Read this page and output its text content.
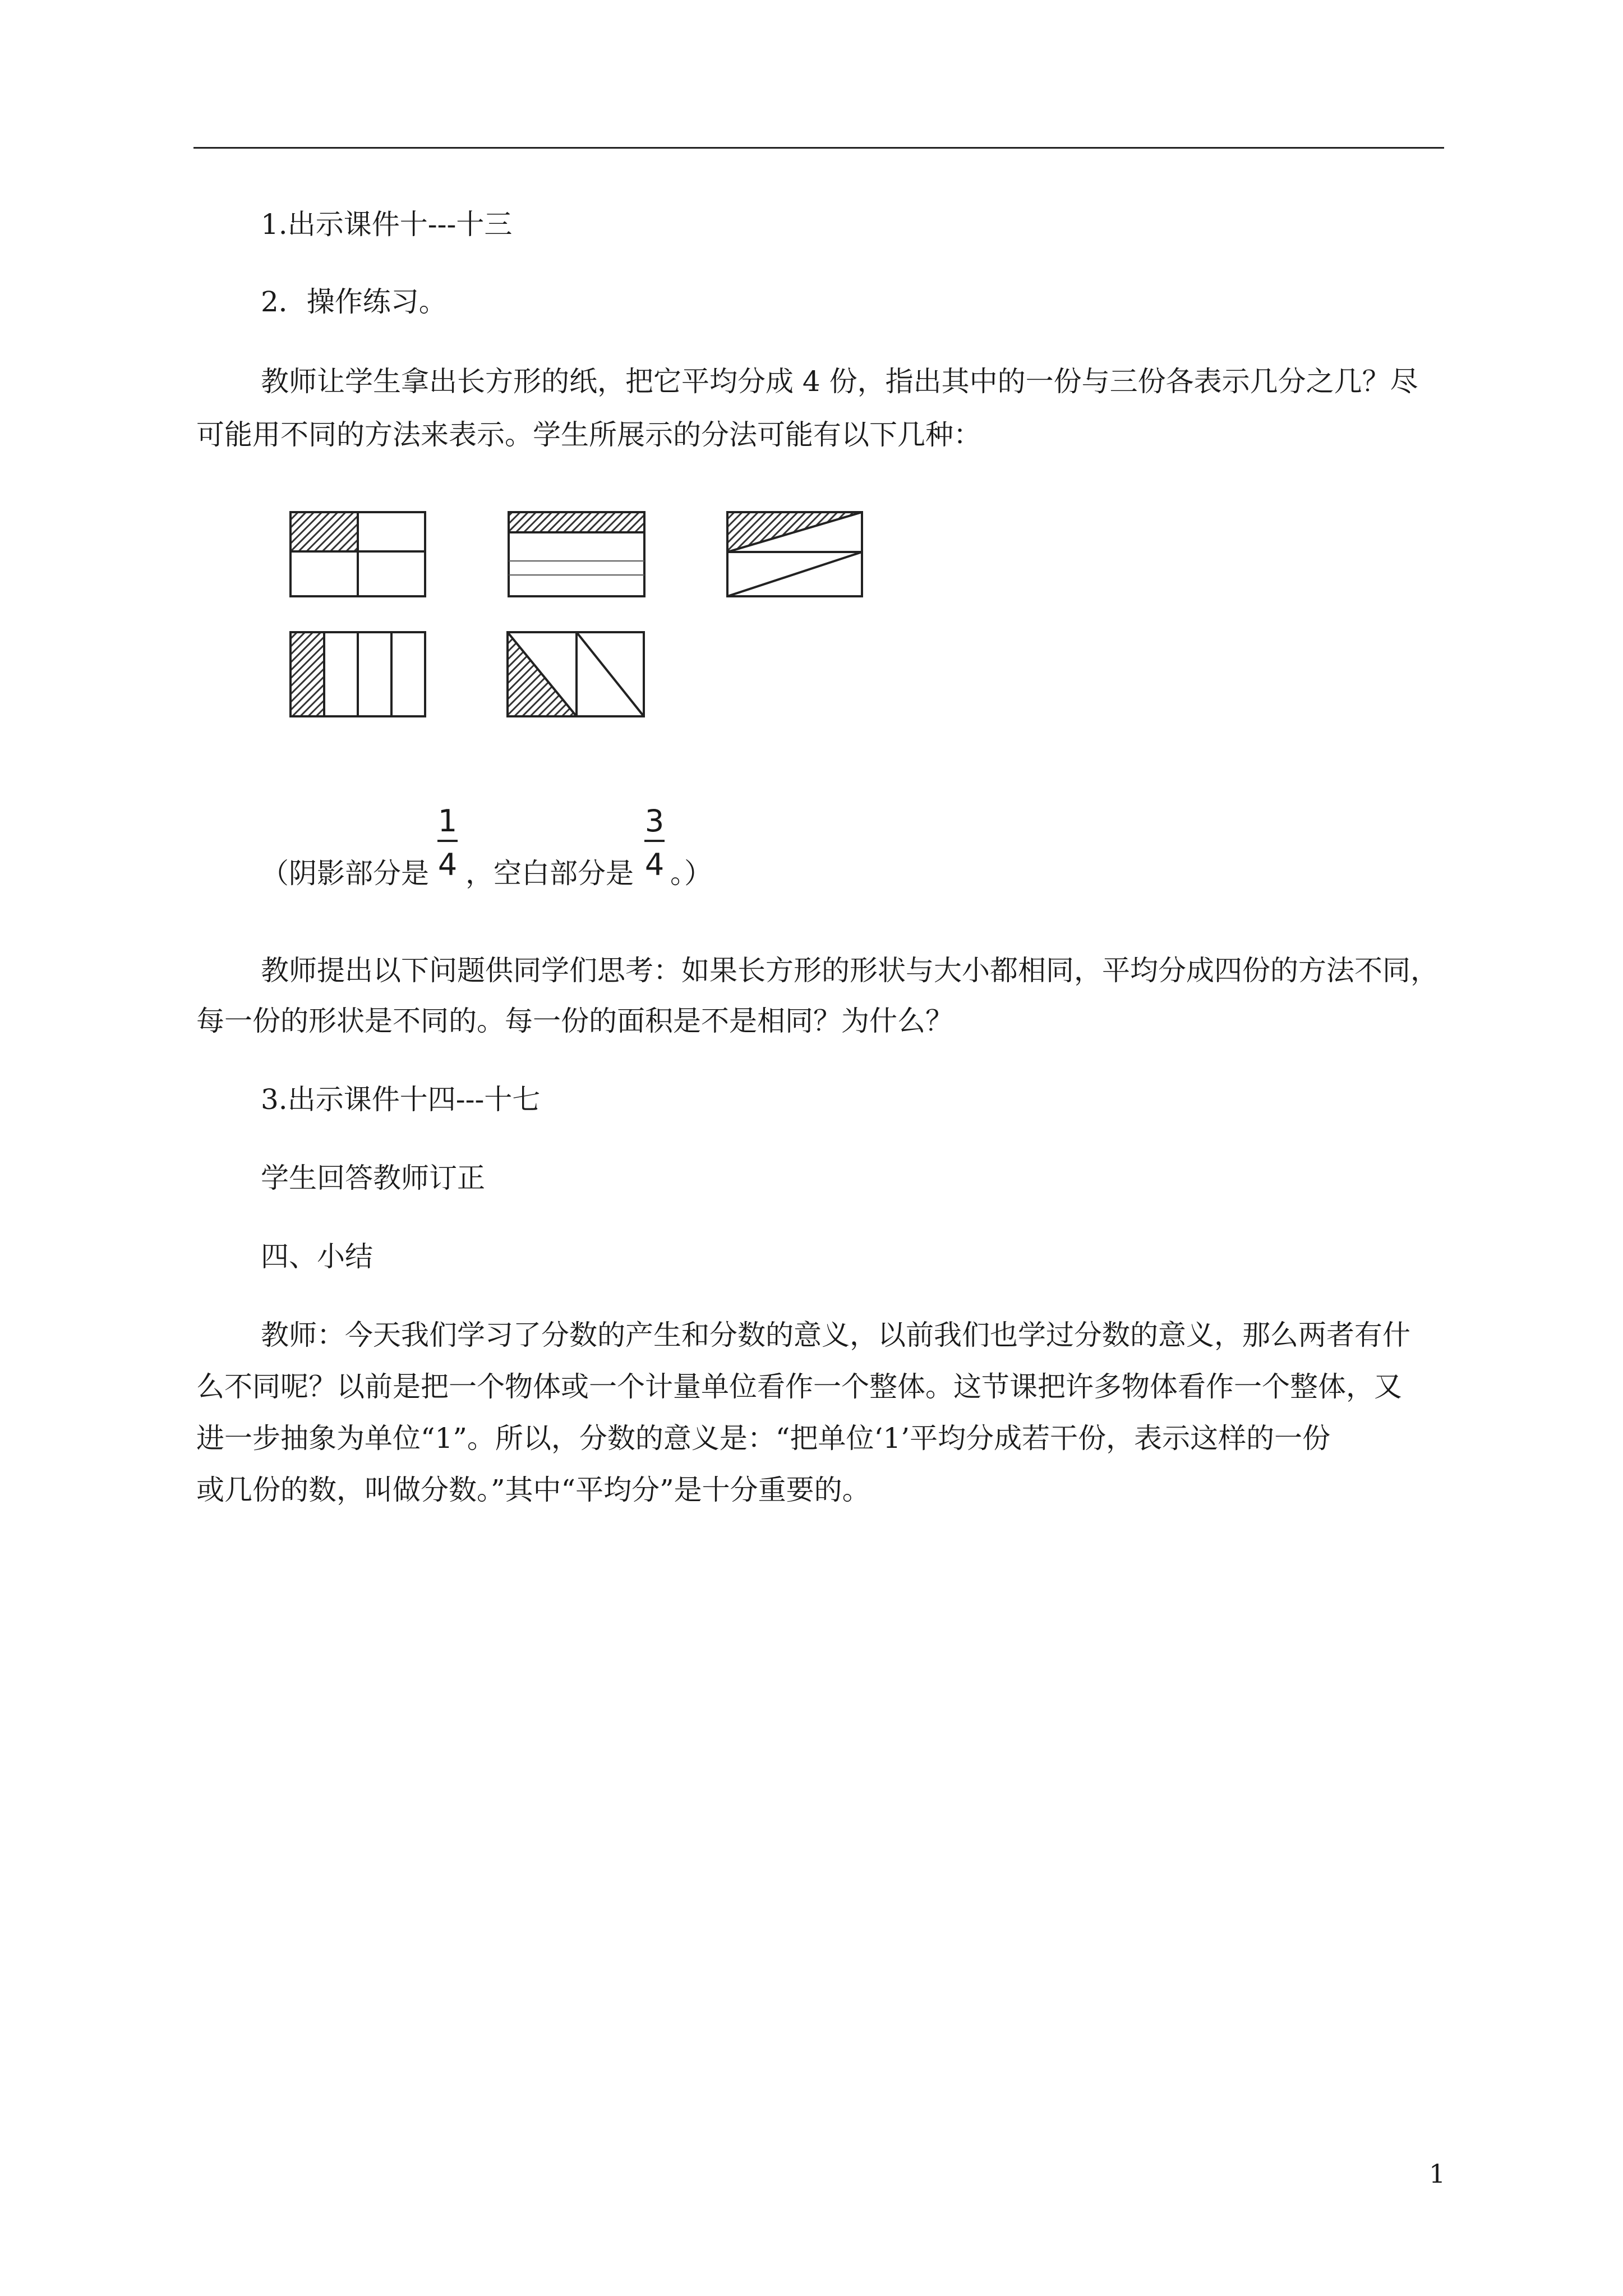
1.出示课件十---十三
2．操作练习。
教师让学生拿出长方形的纸，把它平均分成 4 份，指出其中的一份与三份各表示几分之几？尽
可能用不同的方法来表示。学生所展示的分法可能有以下几种：
（阴影部分是
1
4 ，空白部分是
3
4 。）
教师提出以下问题供同学们思考：如果长方形的形状与大小都相同，平均分成四份的方法不同，
每一份的形状是不同的。每一份的面积是不是相同？为什么？
3.出示课件十四---十七
学生回答教师订正
四、小结
教师：今天我们学习了分数的产生和分数的意义，以前我们也学过分数的意义，那么两者有什
么不同呢？以前是把一个物体或一个计量单位看作一个整体。这节课把许多物体看作一个整体，又
进一步抽象为单位“1”。所以，分数的意义是：“把单位‘1’平均分成若干份，表示这样的一份
或几份的数，叫做分数。”其中“平均分”是十分重要的。
1
